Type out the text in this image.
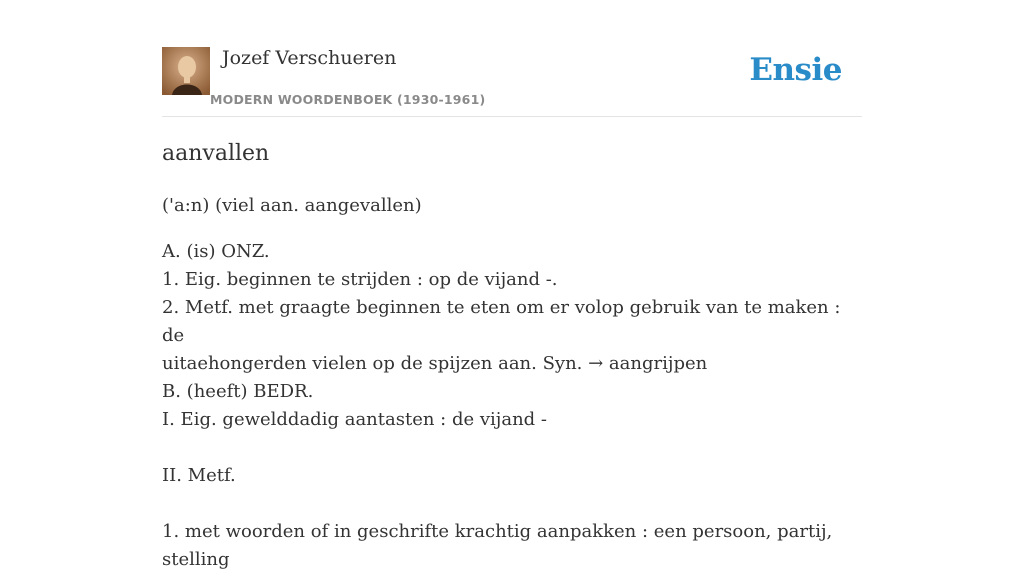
Jozef Verschueren
MODERN WOORDENBOEK (1930-1961)
Ensie
aanvallen
('a:n) (viel aan. aangevallen)
A. (is) ONZ.
1. Eig. beginnen te strijden : op de vijand -.
2. Metf. met graagte beginnen te eten om er volop gebruik van te maken : de
uitaehongerden vielen op de spijzen aan. Syn. → aangrijpen
B. (heeft) BEDR.
I. Eig. gewelddadig aantasten : de vijand -
II. Metf.
1. met woorden of in geschrifte krachtig aanpakken : een persoon, partij, stelling
